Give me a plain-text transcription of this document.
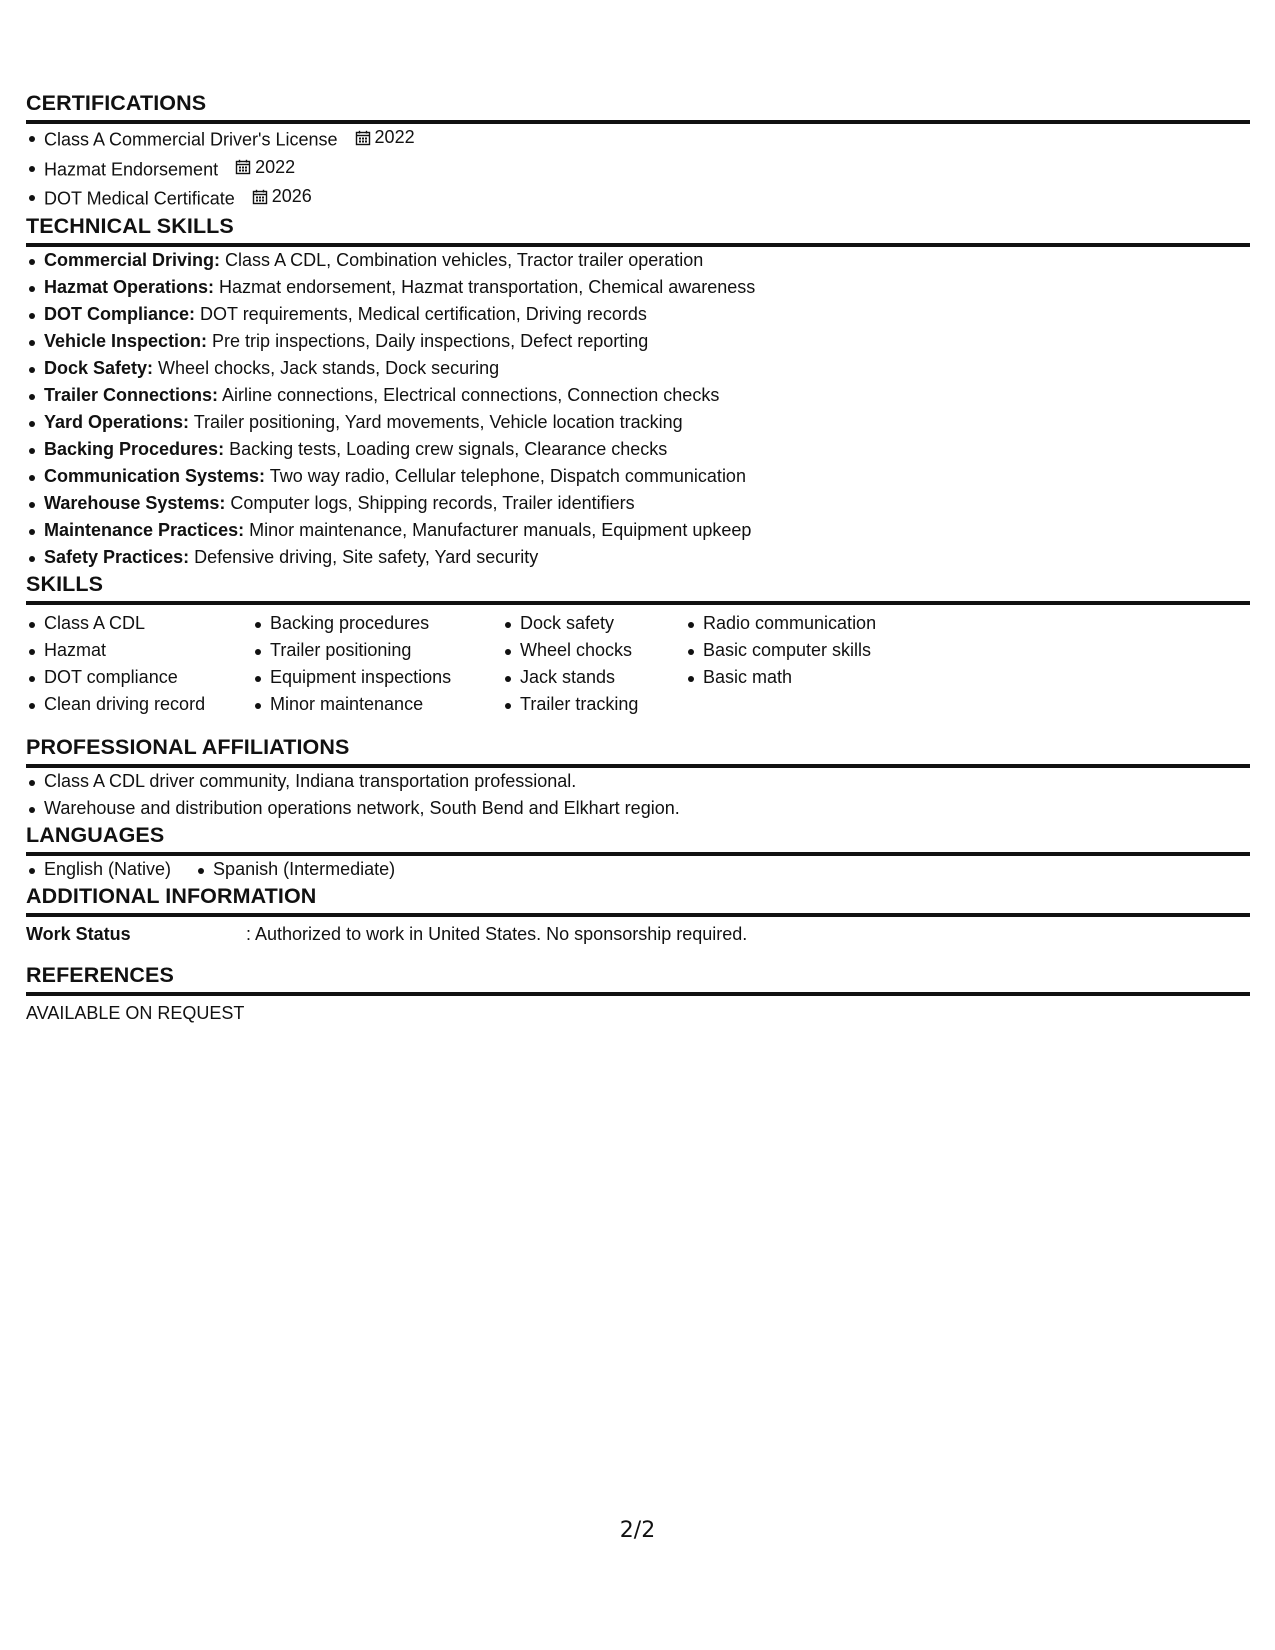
CERTIFICATIONS
Class A Commercial Driver's License 2022
Hazmat Endorsement 2022
DOT Medical Certificate 2026
TECHNICAL SKILLS
Commercial Driving: Class A CDL, Combination vehicles, Tractor trailer operation
Hazmat Operations: Hazmat endorsement, Hazmat transportation, Chemical awareness
DOT Compliance: DOT requirements, Medical certification, Driving records
Vehicle Inspection: Pre trip inspections, Daily inspections, Defect reporting
Dock Safety: Wheel chocks, Jack stands, Dock securing
Trailer Connections: Airline connections, Electrical connections, Connection checks
Yard Operations: Trailer positioning, Yard movements, Vehicle location tracking
Backing Procedures: Backing tests, Loading crew signals, Clearance checks
Communication Systems: Two way radio, Cellular telephone, Dispatch communication
Warehouse Systems: Computer logs, Shipping records, Trailer identifiers
Maintenance Practices: Minor maintenance, Manufacturer manuals, Equipment upkeep
Safety Practices: Defensive driving, Site safety, Yard security
SKILLS
Class A CDL
Hazmat
DOT compliance
Clean driving record
Backing procedures
Trailer positioning
Equipment inspections
Minor maintenance
Dock safety
Wheel chocks
Jack stands
Trailer tracking
Radio communication
Basic computer skills
Basic math
PROFESSIONAL AFFILIATIONS
Class A CDL driver community, Indiana transportation professional.
Warehouse and distribution operations network, South Bend and Elkhart region.
LANGUAGES
English (Native)	Spanish (Intermediate)
ADDITIONAL INFORMATION
Work Status	: Authorized to work in United States. No sponsorship required.
REFERENCES
AVAILABLE ON REQUEST
2/2
